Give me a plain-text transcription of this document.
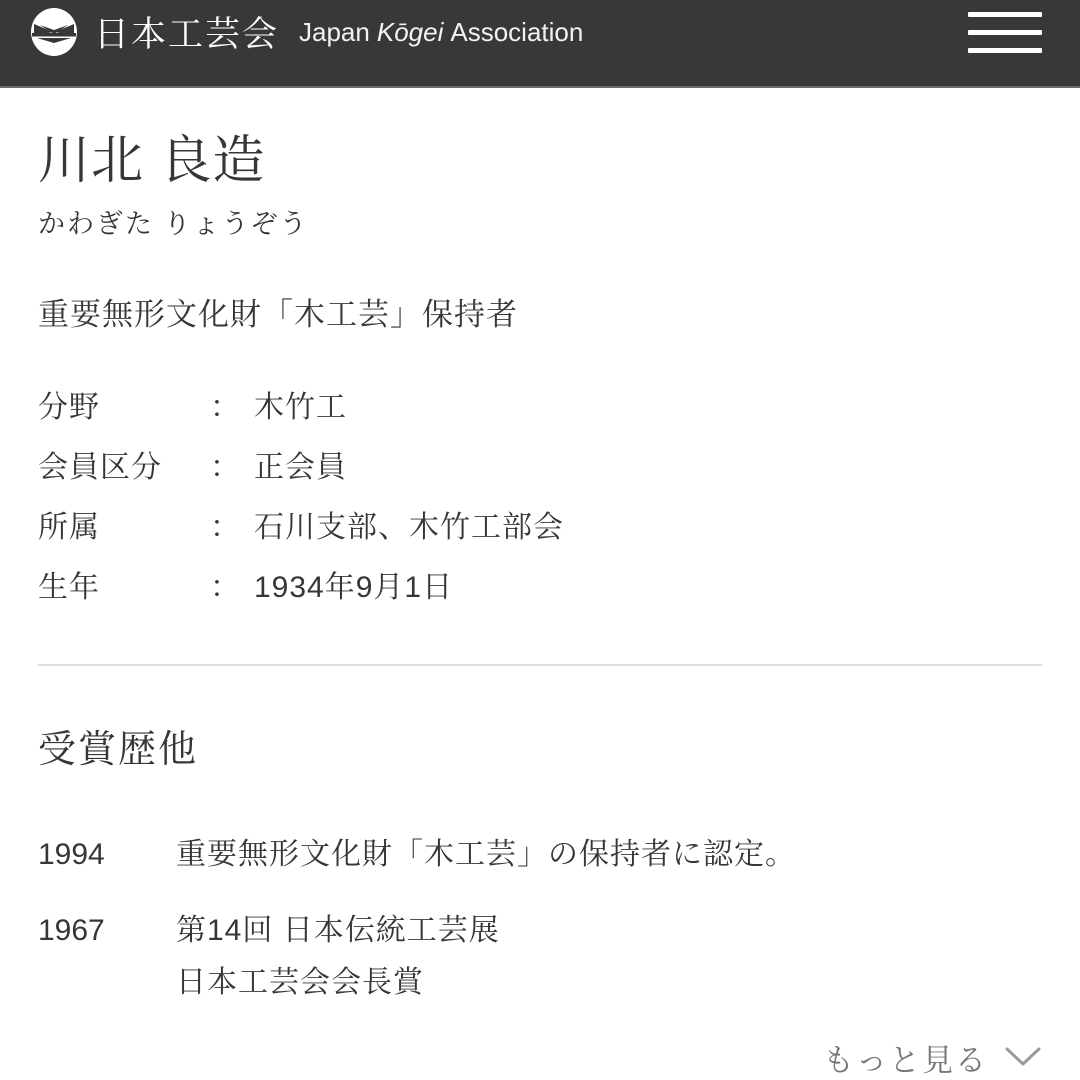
日本工芸会 Japan Kōgei Association
川北 良造
かわぎた りょうぞう
重要無形文化財「木工芸」保持者
分野	： 木竹工
会員区分	： 正会員
所属	： 石川支部、木竹工部会
生年	： 1934年9月1日
受賞歴他
1994	重要無形文化財「木工芸」の保持者に認定。
1967	第14回 日本伝統工芸展
日本工芸会会長賞
もっと見る
